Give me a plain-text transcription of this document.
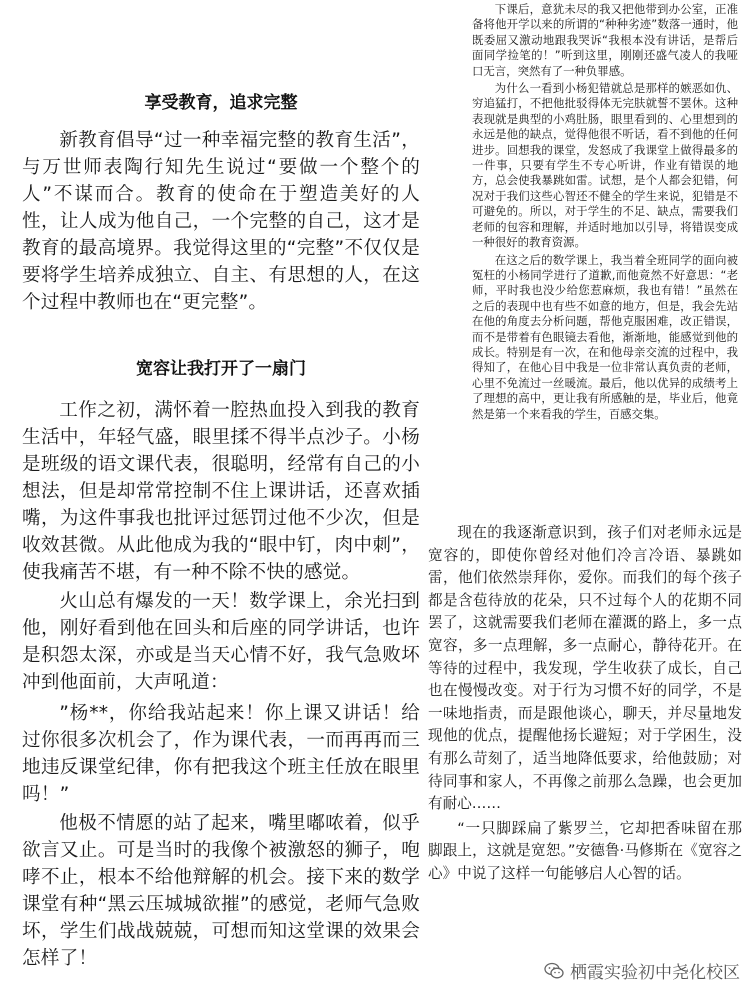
享受教育，追求完整

新教育倡导“过一种幸福完整的教育生活”，与万世师表陶行知先生说过“要做一个整个的人”不谋而合。教育的使命在于塑造美好的人性，让人成为他自己，一个完整的自己，这才是教育的最高境界。我觉得这里的“完整”不仅仅是要将学生培养成独立、自主、有思想的人，在这个过程中教师也在“更完整”。

宽容让我打开了一扇门

工作之初，满怀着一腔热血投入到我的教育生活中，年轻气盛，眼里揉不得半点沙子。小杨是班级的语文课代表，很聪明，经常有自己的小想法，但是却常常控制不住上课讲话，还喜欢插嘴，为这件事我也批评过惩罚过他不少次，但是收效甚微。从此他成为我的“眼中钉，肉中刺”，使我痛苦不堪，有一种不除不快的感觉。

火山总有爆发的一天！数学课上，余光扫到他，刚好看到他在回头和后座的同学讲话，也许是积怨太深，亦或是当天心情不好，我气急败坏冲到他面前，大声吼道：

”杨**，你给我站起来！你上课又讲话！给过你很多次机会了，作为课代表，一而再再而三地违反课堂纪律，你有把我这个班主任放在眼里吗！”

他极不情愿的站了起来，嘴里嘟哝着，似乎欲言又止。可是当时的我像个被激怒的狮子，咆哮不止，根本不给他辩解的机会。接下来的数学课堂有种“黑云压城城欲摧”的感觉，老师气急败坏，学生们战战兢兢，可想而知这堂课的效果会怎样了！

下课后，意犹未尽的我又把他带到办公室，正准备将他开学以来的所谓的“种种劣迹”数落一通时，他既委屈又激动地跟我哭诉“我根本没有讲话，是帮后面同学捡笔的！”听到这里，刚刚还盛气凌人的我哑口无言，突然有了一种负罪感。

为什么一看到小杨犯错就总是那样的嫉恶如仇、穷追猛打，不把他批驳得体无完肤就誓不罢休。这种表现就是典型的小鸡肚肠，眼里看到的、心里想到的永远是他的缺点，觉得他很不听话，看不到他的任何进步。回想我的课堂，发怒成了我课堂上做得最多的一件事，只要有学生不专心听讲，作业有错误的地方，总会使我暴跳如雷。试想，是个人都会犯错，何况对于我们这些心智还不健全的学生来说，犯错是不可避免的。所以，对于学生的不足、缺点，需要我们老师的包容和理解，并适时地加以引导，将错误变成一种很好的教育资源。

在这之后的数学课上，我当着全班同学的面向被冤枉的小杨同学进行了道歉,而他竟然不好意思：“老师，平时我也没少给您惹麻烦，我也有错！”虽然在之后的表现中也有些不如意的地方，但是，我会先站在他的角度去分析问题，帮他克服困难，改正错误，而不是带着有色眼镜去看他，渐渐地，能感觉到他的成长。特别是有一次，在和他母亲交流的过程中，我得知了，在他心目中我是一位非常认真负责的老师，心里不免流过一丝暖流。最后，他以优异的成绩考上了理想的高中，更让我有所感触的是，毕业后，他竟然是第一个来看我的学生，百感交集。

现在的我逐渐意识到，孩子们对老师永远是宽容的，即使你曾经对他们冷言冷语、暴跳如雷，他们依然崇拜你，爱你。而我们的每个孩子都是含苞待放的花朵，只不过每个人的花期不同罢了，这就需要我们老师在灌溉的路上，多一点宽容，多一点理解，多一点耐心，静待花开。在等待的过程中，我发现，学生收获了成长，自己也在慢慢改变。对于行为习惯不好的同学，不是一味地指责，而是跟他谈心，聊天，并尽量地发现他的优点，提醒他扬长避短；对于学困生，没有那么苛刻了，适当地降低要求，给他鼓励；对待同事和家人，不再像之前那么急躁，也会更加有耐心……

“一只脚踩扁了紫罗兰，它却把香味留在那脚跟上，这就是宽恕。”安德鲁·马修斯在《宽容之心》中说了这样一句能够启人心智的话。

栖霞实验初中尧化校区
